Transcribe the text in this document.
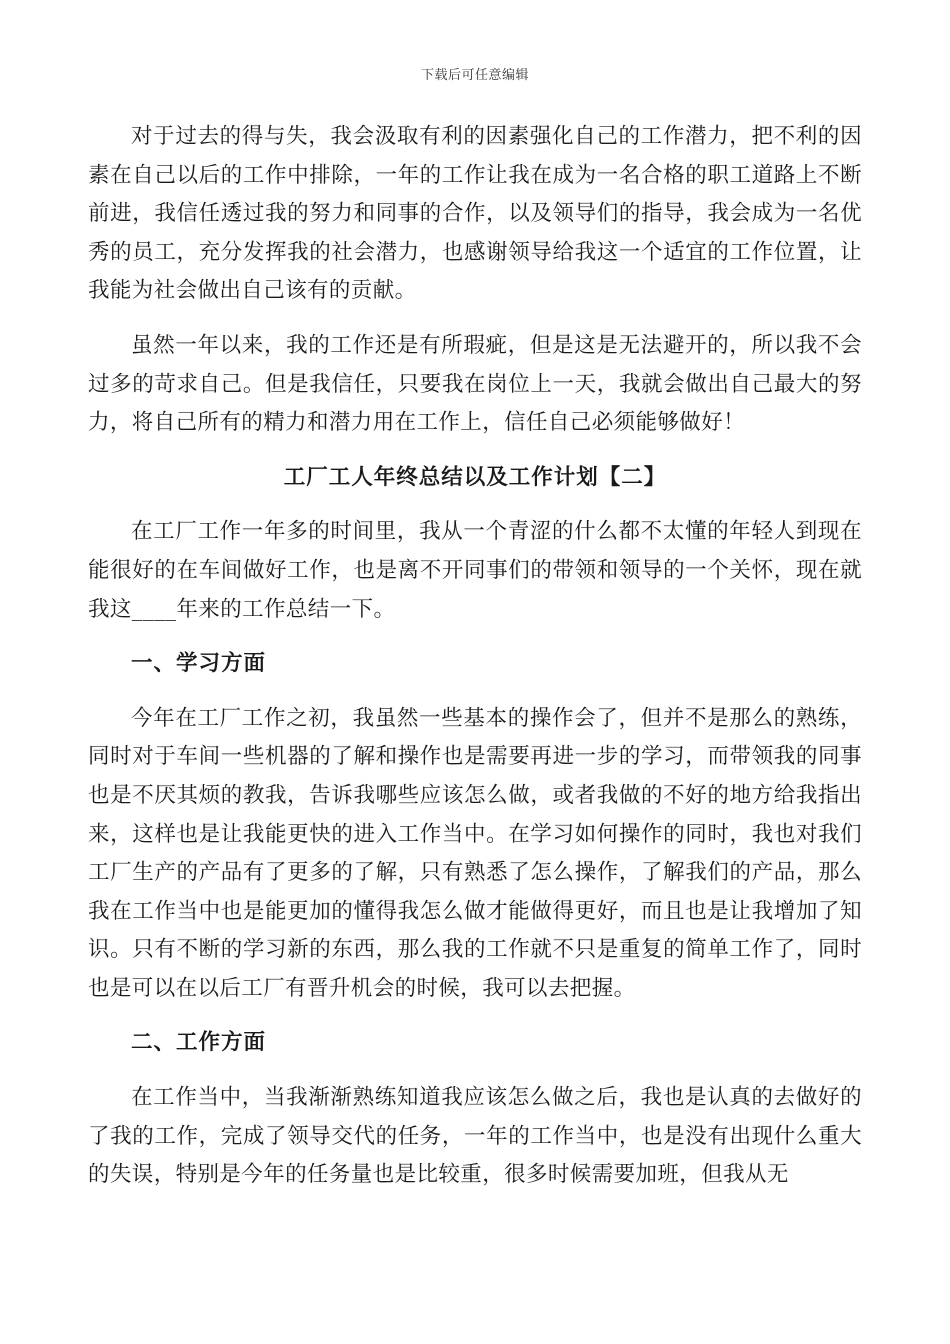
下载后可任意编辑

对于过去的得与失，我会汲取有利的因素强化自己的工作潜力，把不利的因素在自己以后的工作中排除，一年的工作让我在成为一名合格的职工道路上不断前进，我信任透过我的努力和同事的合作，以及领导们的指导，我会成为一名优秀的员工，充分发挥我的社会潜力，也感谢领导给我这一个适宜的工作位置，让我能为社会做出自己该有的贡献。

虽然一年以来，我的工作还是有所瑕疵，但是这是无法避开的，所以我不会过多的苛求自己。但是我信任，只要我在岗位上一天，我就会做出自己最大的努力，将自己所有的精力和潜力用在工作上，信任自己必须能够做好！

工厂工人年终总结以及工作计划【二】

在工厂工作一年多的时间里，我从一个青涩的什么都不太懂的年轻人到现在能很好的在车间做好工作，也是离不开同事们的带领和领导的一个关怀，现在就我这____年来的工作总结一下。

一、学习方面

今年在工厂工作之初，我虽然一些基本的操作会了，但并不是那么的熟练，同时对于车间一些机器的了解和操作也是需要再进一步的学习，而带领我的同事也是不厌其烦的教我，告诉我哪些应该怎么做，或者我做的不好的地方给我指出来，这样也是让我能更快的进入工作当中。在学习如何操作的同时，我也对我们工厂生产的产品有了更多的了解，只有熟悉了怎么操作，了解我们的产品，那么我在工作当中也是能更加的懂得我怎么做才能做得更好，而且也是让我增加了知识。只有不断的学习新的东西，那么我的工作就不只是重复的简单工作了，同时也是可以在以后工厂有晋升机会的时候，我可以去把握。

二、工作方面

在工作当中，当我渐渐熟练知道我应该怎么做之后，我也是认真的去做好的了我的工作，完成了领导交代的任务，一年的工作当中，也是没有出现什么重大的失误，特别是今年的任务量也是比较重，很多时候需要加班，但我从无
